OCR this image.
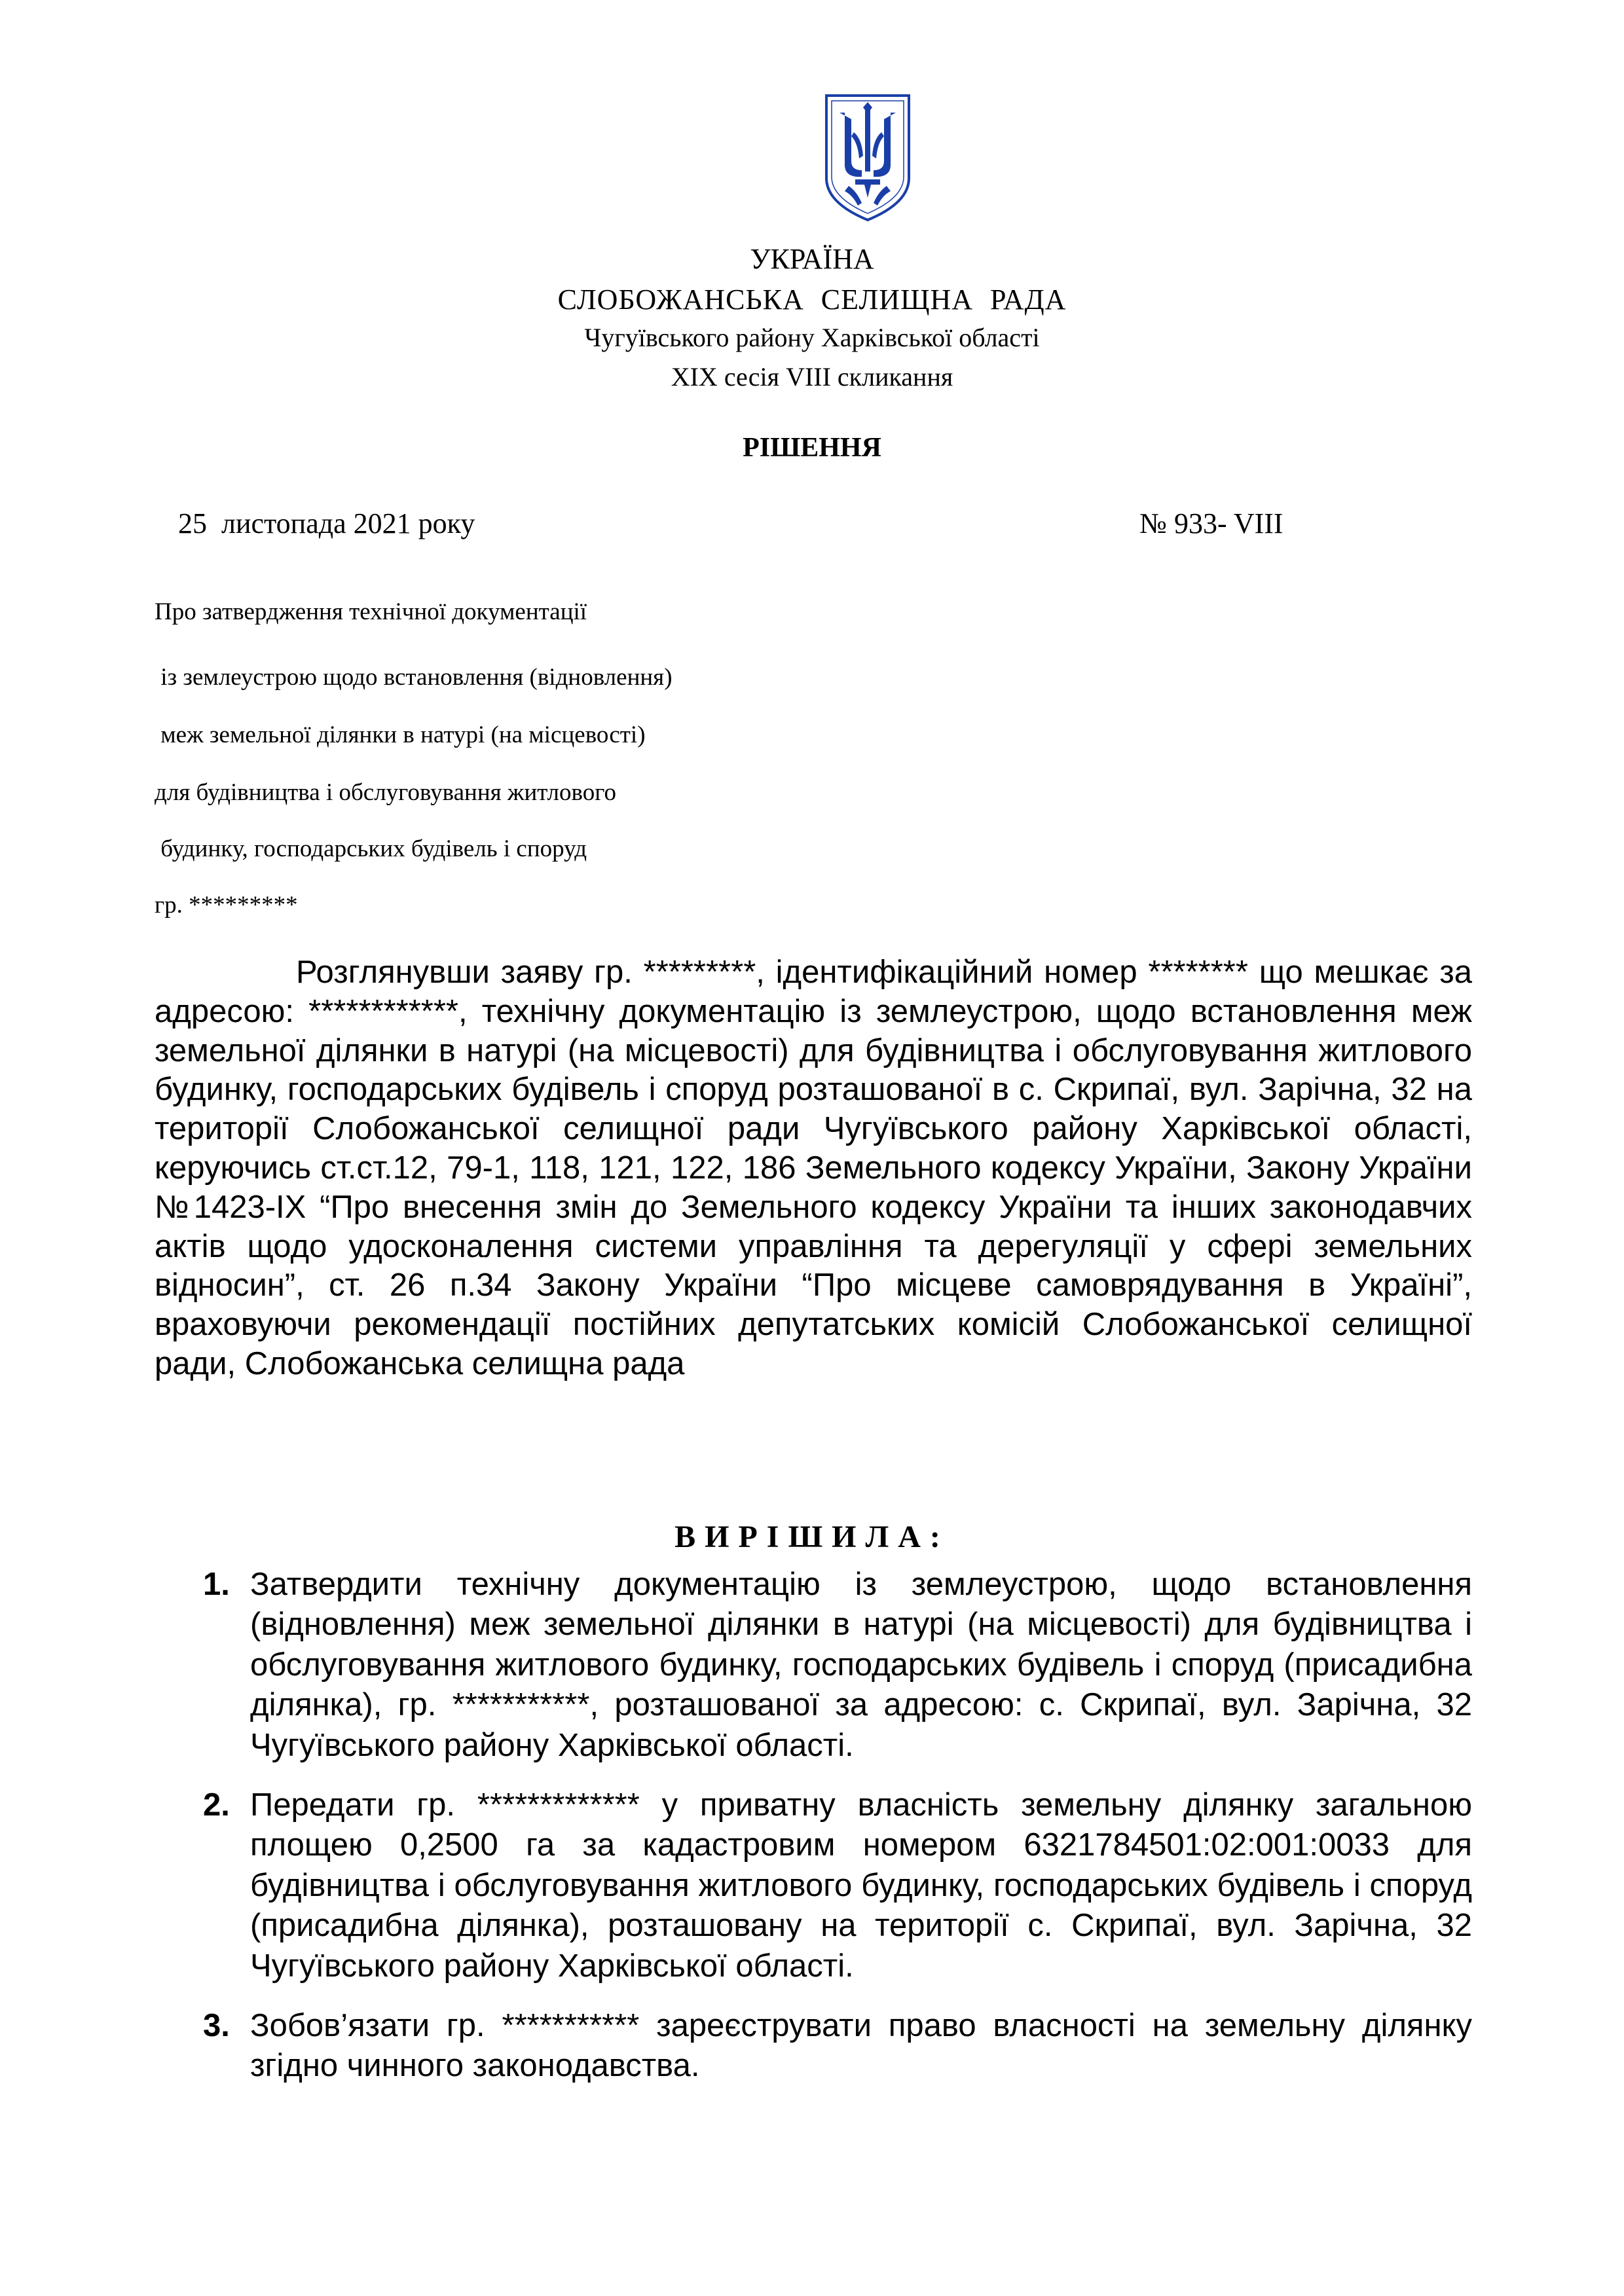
УКРАЇНА
СЛОБОЖАНСЬКА СЕЛИЩНА РАДА
Чугуївського району Харківської області
ХІХ сесія VIII скликання
РІШЕННЯ
25  листопада 2021 року	№ 933- VIII
Про затвердження технічної документації
із землеустрою щодо встановлення (відновлення)
меж земельної ділянки в натурі (на місцевості)
для будівництва і обслуговування житлового
будинку, господарських будівель і споруд
гр. *********
Розглянувши заяву гр. *********, ідентифікаційний номер ******** що мешкає за адресою: ************, технічну документацію із землеустрою, щодо встановлення меж земельної ділянки в натурі (на місцевості) для будівництва і обслуговування житлового будинку, господарських будівель і споруд розташованої в с. Скрипаї, вул. Зарічна, 32 на території Слобожанської селищної ради Чугуївського району Харківської області, керуючись ст.ст.12, 79-1, 118, 121, 122, 186 Земельного кодексу України, Закону України №1423-IX “Про внесення змін до Земельного кодексу України та інших законодавчих актів щодо удосконалення системи управління та дерегуляції у сфері земельних відносин”, ст. 26 п.34 Закону України “Про місцеве самоврядування в Україні”, враховуючи рекомендації постійних депутатських комісій Слобожанської селищної ради, Слобожанська селищна рада
ВИРІШИЛА:
1. Затвердити технічну документацію із землеустрою, щодо встановлення (відновлення) меж земельної ділянки в натурі (на місцевості) для будівництва і обслуговування житлового будинку, господарських будівель і споруд (присадибна ділянка), гр. ***********, розташованої за адресою: с. Скрипаї, вул. Зарічна, 32 Чугуївського району Харківської області.
2. Передати гр. ************* у приватну власність земельну ділянку загальною площею 0,2500 га за кадастровим номером 6321784501:02:001:0033 для будівництва і обслуговування житлового будинку, господарських будівель і споруд (присадибна ділянка), розташовану на території с. Скрипаї, вул. Зарічна, 32 Чугуївського району Харківської області.
3. Зобов’язати гр. *********** зареєструвати право власності на земельну ділянку згідно чинного законодавства.
